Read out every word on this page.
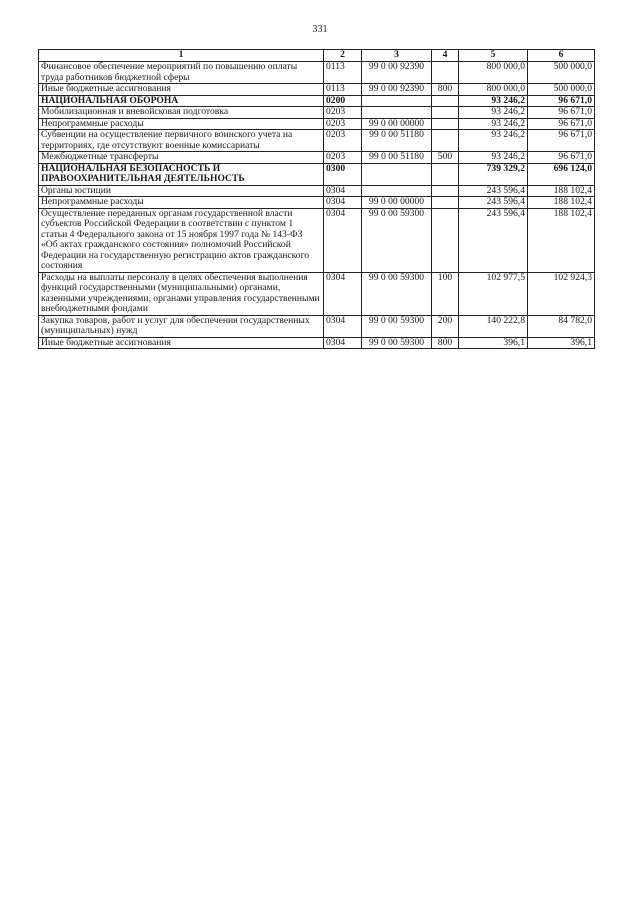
331
1	2	3	4	5	6
Финансовое обеспечение мероприятий по повышению оплаты труда работников бюджетной сферы	0113	99 0 00 92390		800 000,0	500 000,0
Иные бюджетные ассигнования	0113	99 0 00 92390	800	800 000,0	500 000,0
НАЦИОНАЛЬНАЯ ОБОРОНА	0200			93 246,2	96 671,0
Мобилизационная и вневойсковая подготовка	0203			93 246,2	96 671,0
Непрограммные расходы	0203	99 0 00 00000		93 246,2	96 671,0
Субвенции на осуществление первичного воинского учета на территориях, где отсутствуют военные комиссариаты	0203	99 0 00 51180		93 246,2	96 671,0
Межбюджетные трансферты	0203	99 0 00 51180	500	93 246,2	96 671,0
НАЦИОНАЛЬНАЯ БЕЗОПАСНОСТЬ И ПРАВООХРАНИТЕЛЬНАЯ ДЕЯТЕЛЬНОСТЬ	0300			739 329,2	696 124,0
Органы юстиции	0304			243 596,4	188 102,4
Непрограммные расходы	0304	99 0 00 00000		243 596,4	188 102,4
Осуществление переданных органам государственной власти субъектов Российской Федерации в соответствии с пунктом 1 статьи 4 Федерального закона от 15 ноября 1997 года № 143-ФЗ «Об актах гражданского состояния» полномочий Российской Федерации на государственную регистрацию актов гражданского состояния	0304	99 0 00 59300		243 596,4	188 102,4
Расходы на выплаты персоналу в целях обеспечения выполнения функций государственными (муниципальными) органами, казенными учреждениями, органами управления государственными внебюджетными фондами	0304	99 0 00 59300	100	102 977,5	102 924,3
Закупка товаров, работ и услуг для обеспечения государственных (муниципальных) нужд	0304	99 0 00 59300	200	140 222,8	84 782,0
Иные бюджетные ассигнования	0304	99 0 00 59300	800	396,1	396,1
